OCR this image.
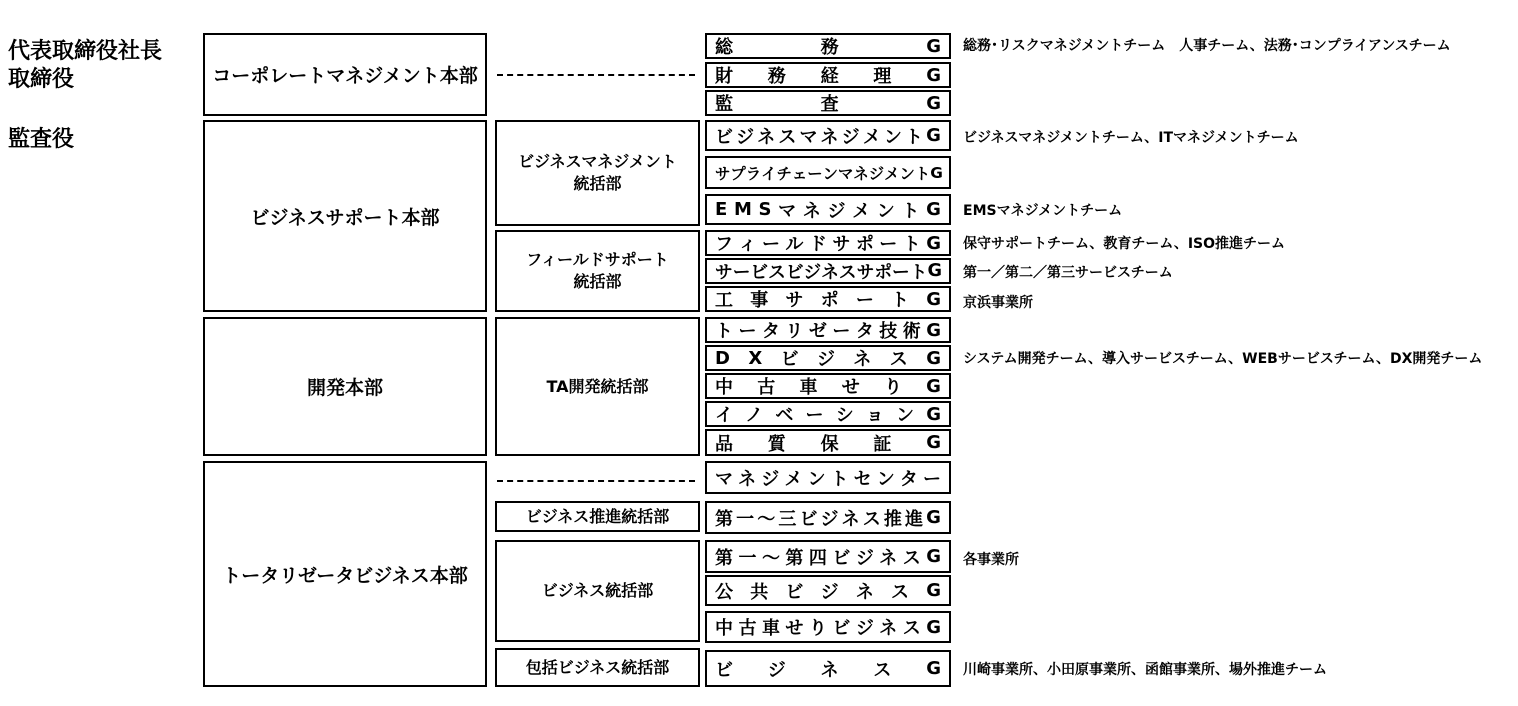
代表取締役社長
取締役
監査役
コーポレートマネジメント本部
ビジネスサポート本部
開発本部
トータリゼータビジネス本部
ビジネスマネジメント
統括部
フィールドサポート
統括部
TA開発統括部
ビジネス推進統括部
ビジネス統括部
包括ビジネス統括部
総	務	G
財 務 経 理 G
監	査	G
ビ ジ ネ ス マ ネ ジ メ ン ト G
サ プ ラ イ チ ェ ー ン マ ネ ジ メ ン ト G
E M S マ ネ ジ メ ン ト G
フ ィ ー ル ド サ ポ ー ト G
サ ー ビ ス ビ ジ ネ ス サ ポ ー ト G
工 事 サ ポ ー ト G
ト ー タ リ ゼ ー タ 技 術 G
D X ビ ジ ネ ス G
中 古 車 せ り G
イ ノ ベ ー シ ョ ン G
品 質 保 証 G
マ ネ ジ メ ン ト セ ン タ ー
第 一 ～ 三 ビ ジ ネ ス 推 進 G
第 一 ～ 第 四 ビ ジ ネ ス G
公 共 ビ ジ ネ ス G
中 古 車 せ り ビ ジ ネ ス G
ビ ジ ネ ス G
総務･リスクマネジメントチーム　人事チーム、法務･コンプライアンスチーム
ビジネスマネジメントチーム、ITマネジメントチーム
EMSマネジメントチーム
保守サポートチーム、教育チーム、ISO推進チーム
第一／第二／第三サービスチーム
京浜事業所
システム開発チーム、導入サービスチーム、WEBサービスチーム、DX開発チーム
各事業所
川崎事業所、小田原事業所、函館事業所、場外推進チーム
